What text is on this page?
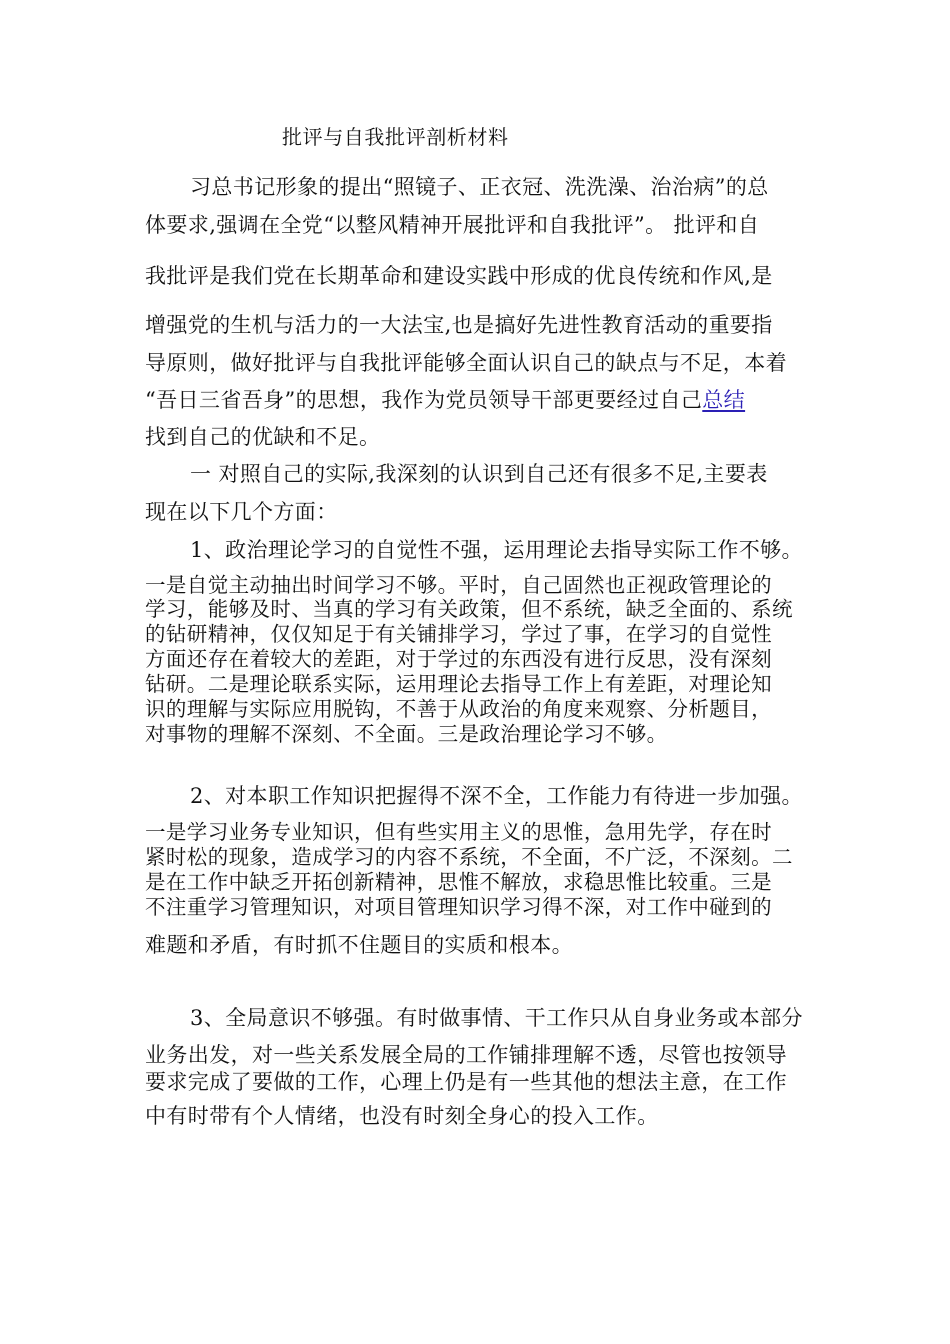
批评与自我批评剖析材料
习总书记形象的提出“照镜子、正衣冠、洗洗澡、治治病”的总
体要求,强调在全党“以整风精神开展批评和自我批评”。 批评和自
我批评是我们党在长期革命和建设实践中形成的优良传统和作风,是
增强党的生机与活力的一大法宝,也是搞好先进性教育活动的重要指
导原则，做好批评与自我批评能够全面认识自己的缺点与不足，本着
“吾日三省吾身”的思想，我作为党员领导干部更要经过自己总结
找到自己的优缺和不足。
一 对照自己的实际,我深刻的认识到自己还有很多不足,主要表
现在以下几个方面：
1、政治理论学习的自觉性不强，运用理论去指导实际工作不够。
一是自觉主动抽出时间学习不够。平时，自己固然也正视政管理论的
学习，能够及时、当真的学习有关政策，但不系统，缺乏全面的、系统
的钻研精神，仅仅知足于有关铺排学习，学过了事，在学习的自觉性
方面还存在着较大的差距，对于学过的东西没有进行反思，没有深刻
钻研。二是理论联系实际，运用理论去指导工作上有差距，对理论知
识的理解与实际应用脱钩，不善于从政治的角度来观察、分析题目，
对事物的理解不深刻、不全面。三是政治理论学习不够。
2、对本职工作知识把握得不深不全，工作能力有待进一步加强。
一是学习业务专业知识，但有些实用主义的思惟，急用先学，存在时
紧时松的现象，造成学习的内容不系统，不全面，不广泛，不深刻。二
是在工作中缺乏开拓创新精神，思惟不解放，求稳思惟比较重。三是
不注重学习管理知识，对项目管理知识学习得不深，对工作中碰到的
难题和矛盾，有时抓不住题目的实质和根本。
3、全局意识不够强。有时做事情、干工作只从自身业务或本部分
业务出发，对一些关系发展全局的工作铺排理解不透，尽管也按领导
要求完成了要做的工作，心理上仍是有一些其他的想法主意，在工作
中有时带有个人情绪，也没有时刻全身心的投入工作。
